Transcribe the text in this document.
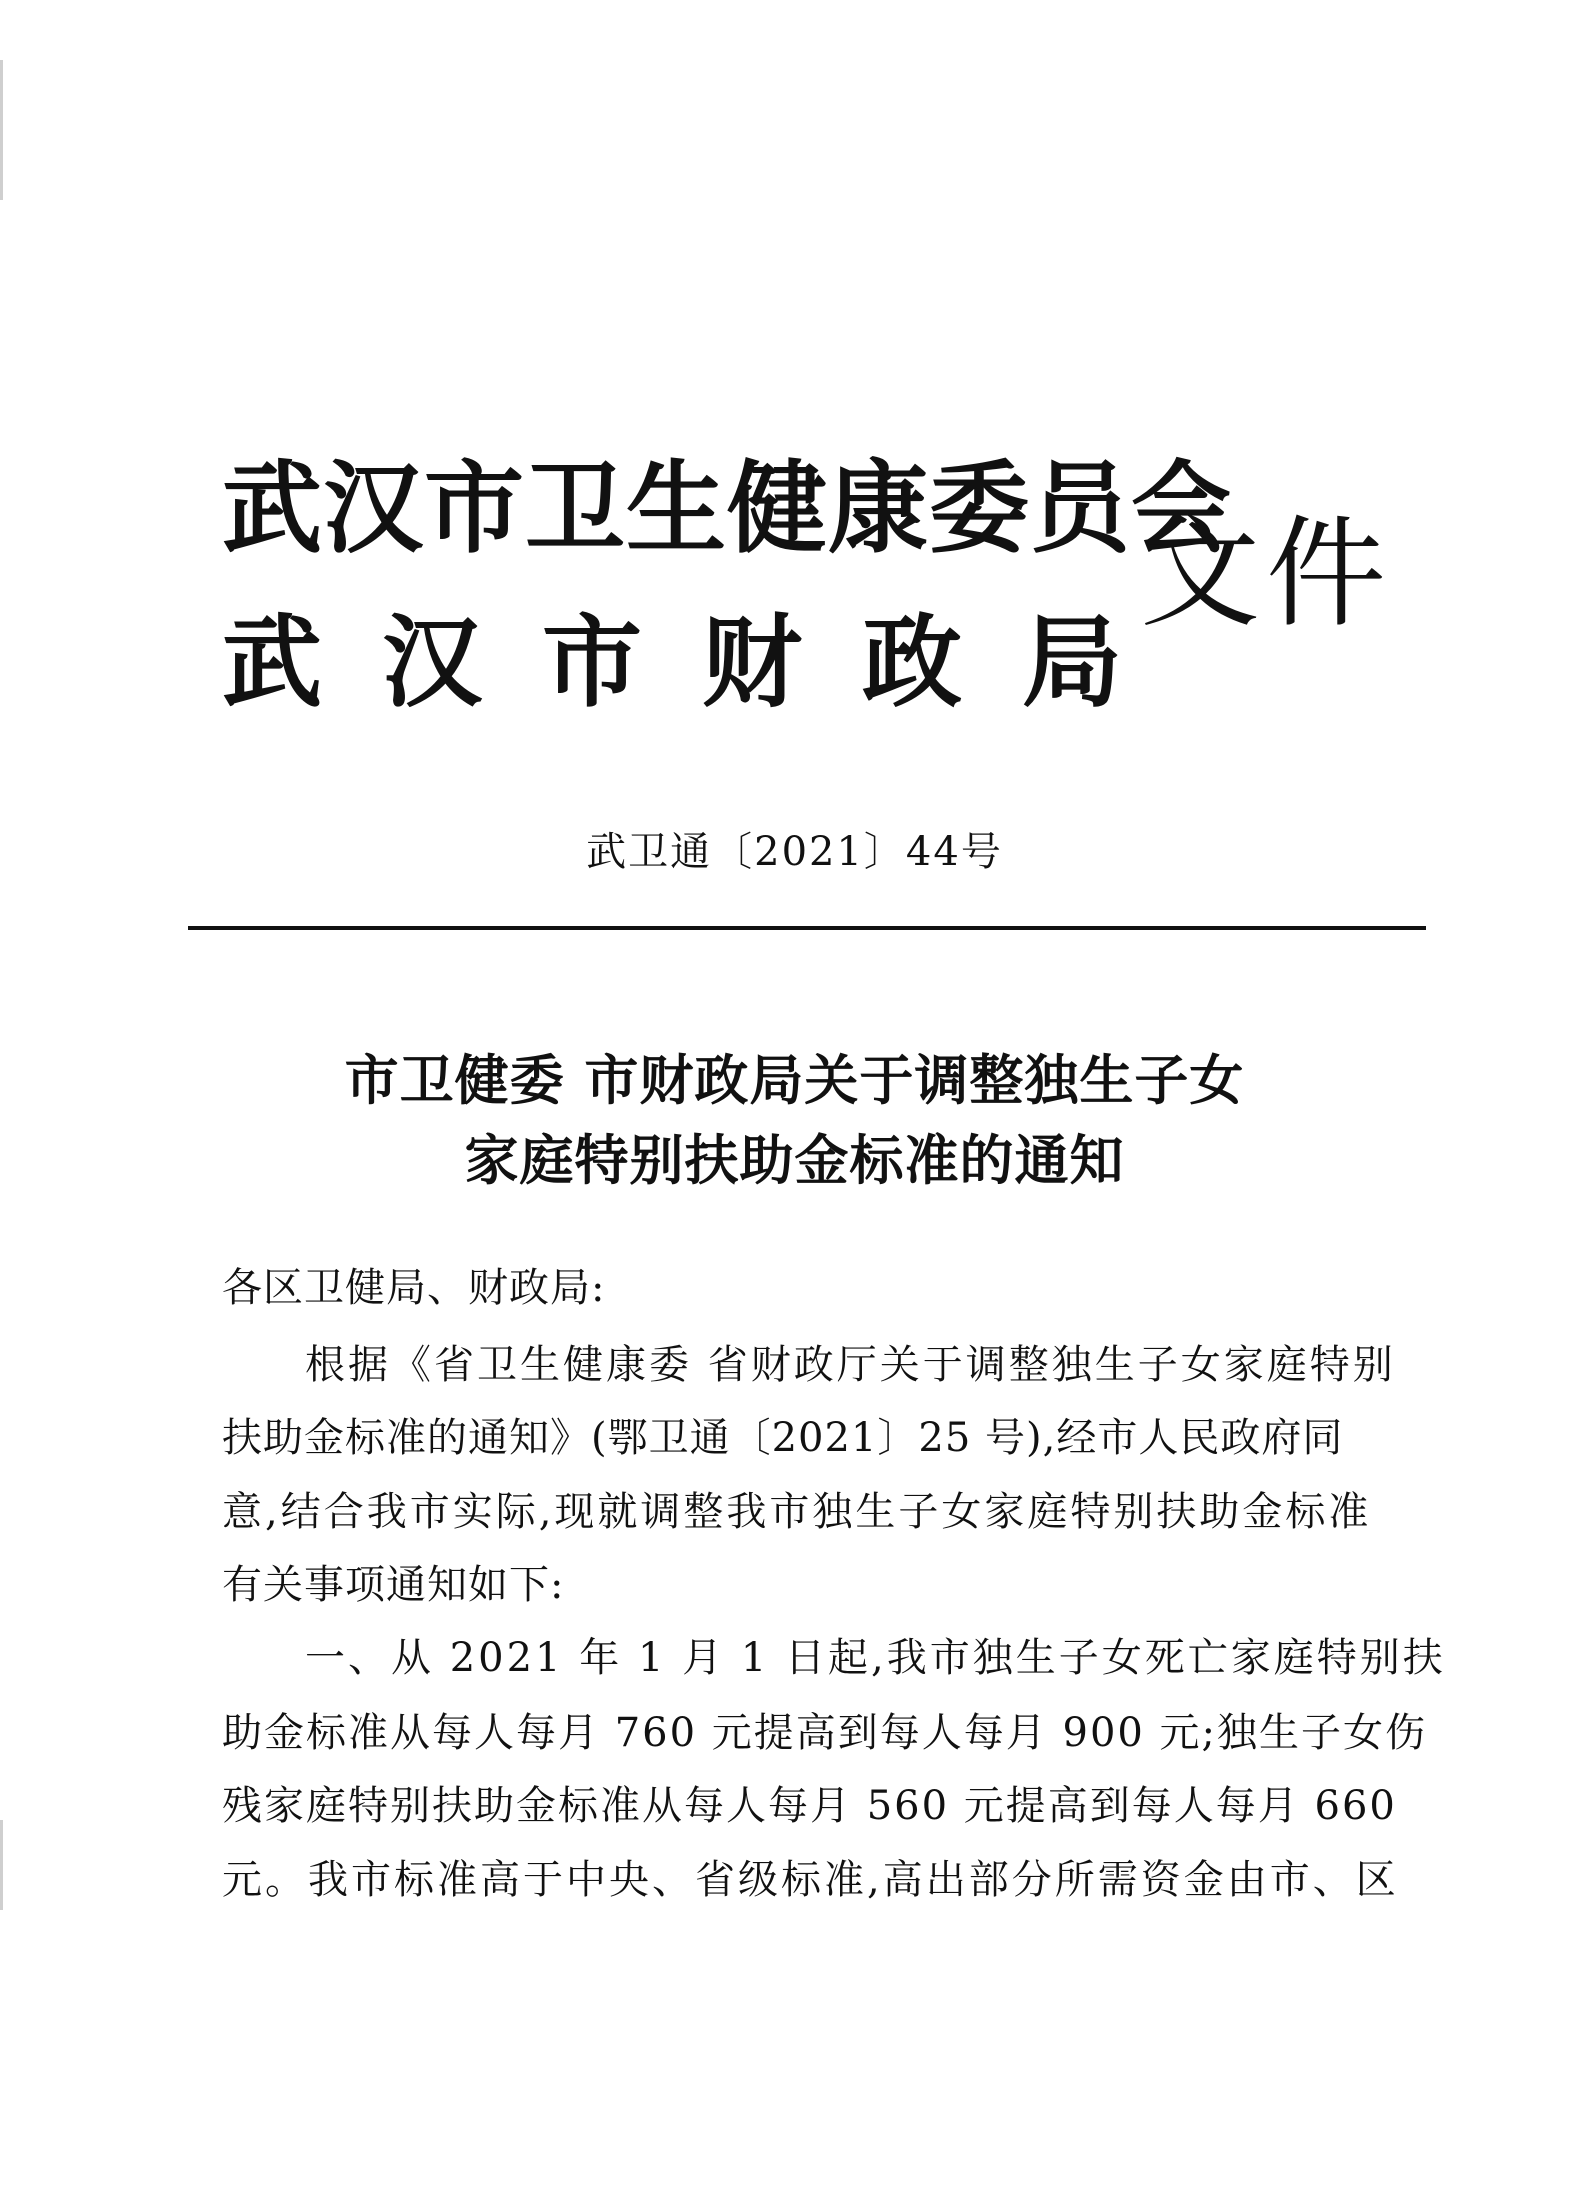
武汉市卫生健康委员会
武汉市财政局
文件
武卫通〔2021〕44号
市卫健委 市财政局关于调整独生子女
家庭特别扶助金标准的通知
各区卫健局、财政局:
根据《省卫生健康委 省财政厅关于调整独生子女家庭特别
扶助金标准的通知》(鄂卫通〔2021〕25 号),经市人民政府同
意,结合我市实际,现就调整我市独生子女家庭特别扶助金标准
有关事项通知如下:
一、从 2021 年 1 月 1 日起,我市独生子女死亡家庭特别扶
助金标准从每人每月 760 元提高到每人每月 900 元;独生子女伤
残家庭特别扶助金标准从每人每月 560 元提高到每人每月 660
元。我市标准高于中央、省级标准,高出部分所需资金由市、区
